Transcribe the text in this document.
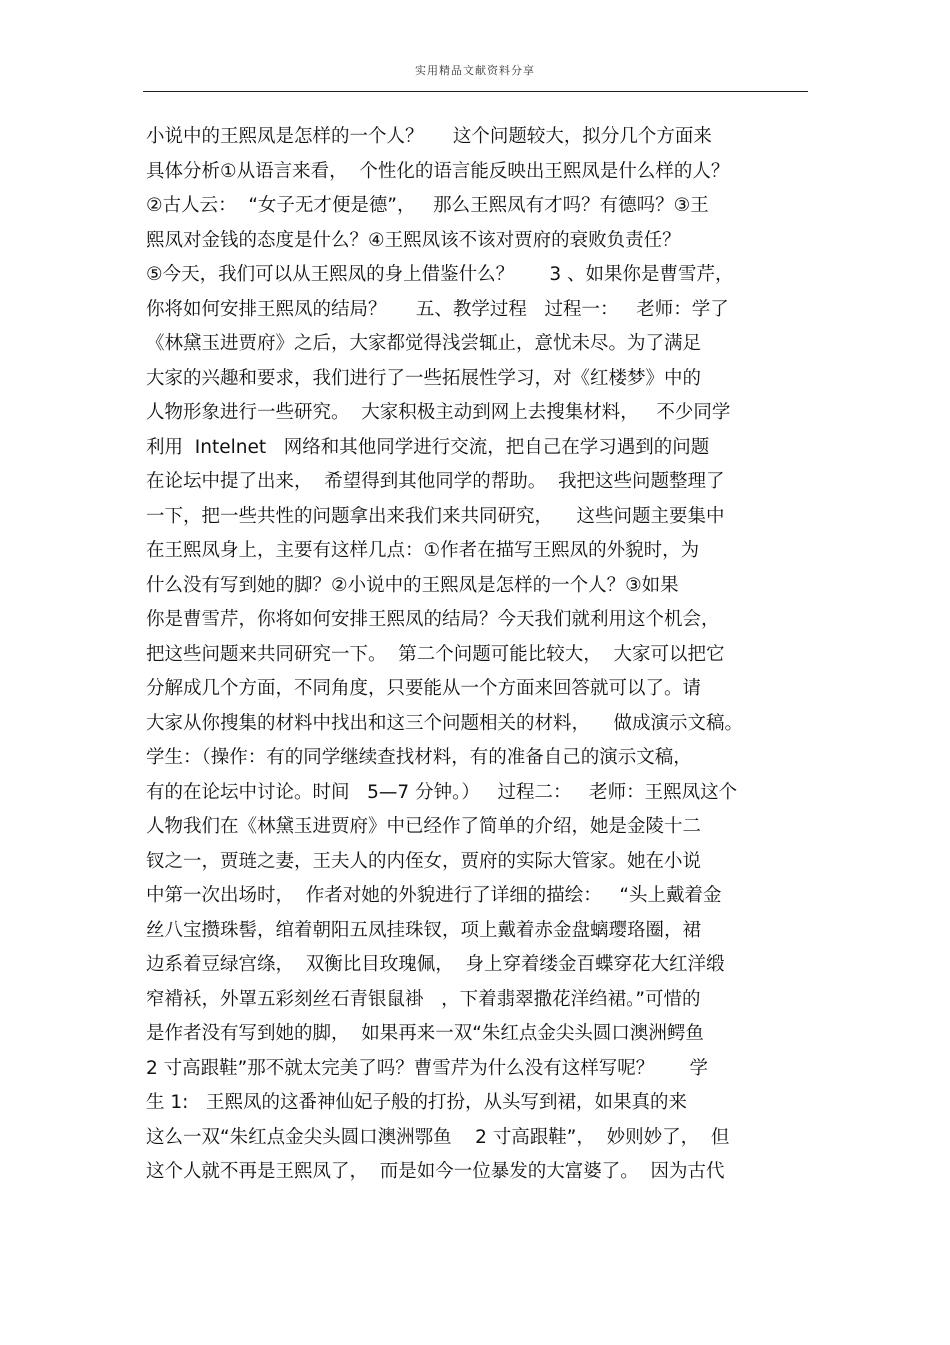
实用精品文献资料分享
小说中的王熙凤是怎样的一个人？     这个问题较大，拟分几个方面来
具体分析①从语言来看，  个性化的语言能反映出王熙凤是什么样的人？
②古人云：  “女子无才便是德”，   那么王熙凤有才吗？有德吗？③王
熙凤对金钱的态度是什么？④王熙凤该不该对贾府的衰败负责任？
⑤今天，我们可以从王熙凤的身上借鉴什么？      3 、如果你是曹雪芹，
你将如何安排王熙凤的结局？     五、教学过程   过程一：   老师：学了
《林黛玉进贾府》之后，大家都觉得浅尝辄止，意忧未尽。为了满足
大家的兴趣和要求，我们进行了一些拓展性学习，对《红楼梦》中的
人物形象进行一些研究。  大家积极主动到网上去搜集材料，   不少同学
利用  Intelnet   网络和其他同学进行交流，把自己在学习遇到的问题
在论坛中提了出来，  希望得到其他同学的帮助。  我把这些问题整理了
一下，把一些共性的问题拿出来我们来共同研究，    这些问题主要集中
在王熙凤身上，主要有这样几点：①作者在描写王熙凤的外貌时，为
什么没有写到她的脚？②小说中的王熙凤是怎样的一个人？③如果
你是曹雪芹，你将如何安排王熙凤的结局？今天我们就利用这个机会，
把这些问题来共同研究一下。  第二个问题可能比较大，  大家可以把它
分解成几个方面，不同角度，只要能从一个方面来回答就可以了。请
大家从你搜集的材料中找出和这三个问题相关的材料，    做成演示文稿。
学生：（操作：有的同学继续查找材料，有的准备自己的演示文稿，
有的在论坛中讨论。时间   5—7 分钟。）   过程二：   老师：王熙凤这个
人物我们在《林黛玉进贾府》中已经作了简单的介绍，她是金陵十二
钗之一，贾琏之妻，王夫人的内侄女，贾府的实际大管家。她在小说
中第一次出场时，  作者对她的外貌进行了详细的描绘：   “头上戴着金
丝八宝攒珠髻，绾着朝阳五凤挂珠钗，项上戴着赤金盘螭璎珞圈，裙
边系着豆绿宫绦，  双衡比目玫瑰佩，  身上穿着缕金百蝶穿花大红洋缎
窄褙袄，外罩五彩刻丝石青银鼠褂   ，下着翡翠撒花洋绉裙。”可惜的
是作者没有写到她的脚，  如果再来一双“朱红点金尖头圆口澳洲鳄鱼
2 寸高跟鞋”那不就太完美了吗？曹雪芹为什么没有这样写呢？      学
生 1:   王熙凤的这番神仙妃子般的打扮，从头写到裙，如果真的来
这么一双“朱红点金尖头圆口澳洲鄂鱼    2 寸高跟鞋”，  妙则妙了，  但
这个人就不再是王熙凤了，  而是如今一位暴发的大富婆了。  因为古代
